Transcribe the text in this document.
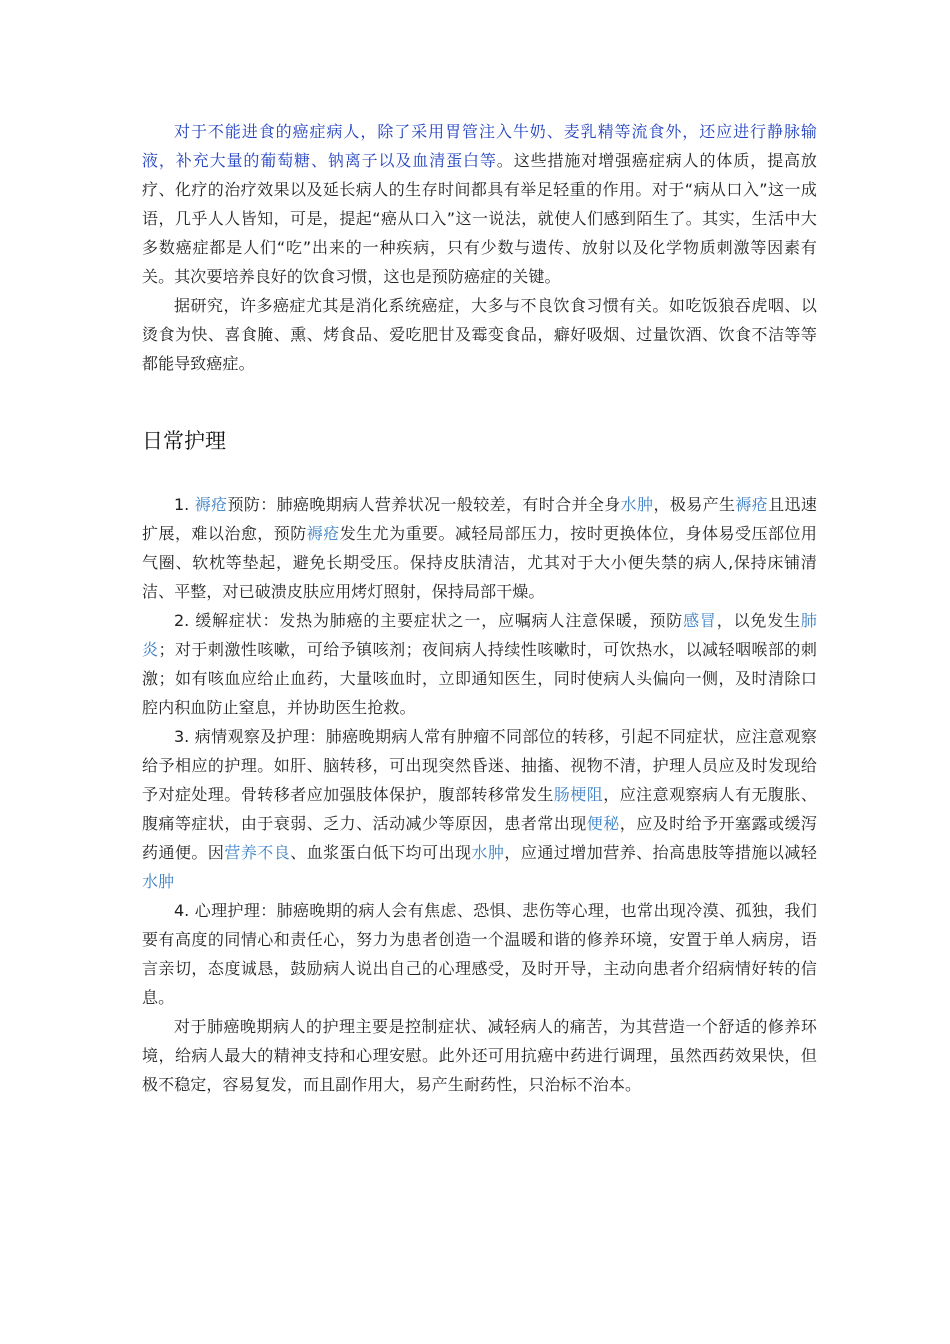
对于不能进食的癌症病人，除了采用胃管注入牛奶、麦乳精等流食外，还应进行静脉输液，补充大量的葡萄糖、钠离子以及血清蛋白等。这些措施对增强癌症病人的体质，提高放疗、化疗的治疗效果以及延长病人的生存时间都具有举足轻重的作用。对于“病从口入”这一成语，几乎人人皆知，可是，提起“癌从口入”这一说法，就使人们感到陌生了。其实，生活中大多数癌症都是人们“吃”出来的一种疾病，只有少数与遗传、放射以及化学物质刺激等因素有关。其次要培养良好的饮食习惯，这也是预防癌症的关键。

据研究，许多癌症尤其是消化系统癌症，大多与不良饮食习惯有关。如吃饭狼吞虎咽、以烫食为快、喜食腌、熏、烤食品、爱吃肥甘及霉变食品，癖好吸烟、过量饮酒、饮食不洁等等都能导致癌症。

日常护理

1. 褥疮预防：肺癌晚期病人营养状况一般较差，有时合并全身水肿，极易产生褥疮且迅速扩展，难以治愈，预防褥疮发生尤为重要。减轻局部压力，按时更换体位，身体易受压部位用气圈、软枕等垫起，避免长期受压。保持皮肤清洁，尤其对于大小便失禁的病人,保持床铺清洁、平整，对已破溃皮肤应用烤灯照射，保持局部干燥。

2. 缓解症状：发热为肺癌的主要症状之一，应嘱病人注意保暖，预防感冒，以免发生肺炎；对于刺激性咳嗽，可给予镇咳剂；夜间病人持续性咳嗽时，可饮热水，以减轻咽喉部的刺激；如有咳血应给止血药，大量咳血时，立即通知医生，同时使病人头偏向一侧，及时清除口腔内积血防止窒息，并协助医生抢救。

3. 病情观察及护理：肺癌晚期病人常有肿瘤不同部位的转移，引起不同症状，应注意观察给予相应的护理。如肝、脑转移，可出现突然昏迷、抽搐、视物不清，护理人员应及时发现给予对症处理。骨转移者应加强肢体保护，腹部转移常发生肠梗阻，应注意观察病人有无腹胀、腹痛等症状，由于衰弱、乏力、活动减少等原因，患者常出现便秘，应及时给予开塞露或缓泻药通便。因营养不良、血浆蛋白低下均可出现水肿，应通过增加营养、抬高患肢等措施以减轻水肿

4. 心理护理：肺癌晚期的病人会有焦虑、恐惧、悲伤等心理，也常出现冷漠、孤独，我们要有高度的同情心和责任心，努力为患者创造一个温暖和谐的修养环境，安置于单人病房，语言亲切，态度诚恳，鼓励病人说出自己的心理感受，及时开导，主动向患者介绍病情好转的信息。

对于肺癌晚期病人的护理主要是控制症状、减轻病人的痛苦，为其营造一个舒适的修养环境，给病人最大的精神支持和心理安慰。此外还可用抗癌中药进行调理，虽然西药效果快，但极不稳定，容易复发，而且副作用大，易产生耐药性，只治标不治本。
